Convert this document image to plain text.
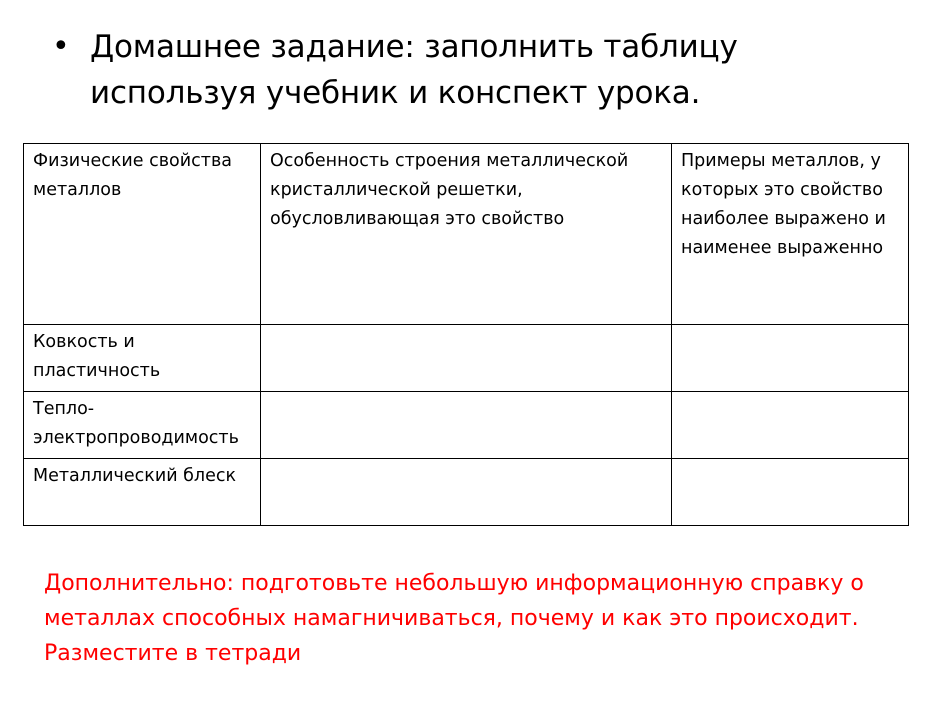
• Домашнее задание: заполнить таблицу используя учебник и конспект урока.

Физические свойства металлов	Особенность строения металлической кристаллической решетки, обусловливающая это свойство	Примеры металлов, у которых это свойство наиболее выражено и наименее выраженно
Ковкость и пластичность		
Тепло-электропроводимость		
Металлический блеск		

Дополнительно: подготовьте небольшую информационную справку о металлах способных намагничиваться, почему и как это происходит. Разместите в тетради
